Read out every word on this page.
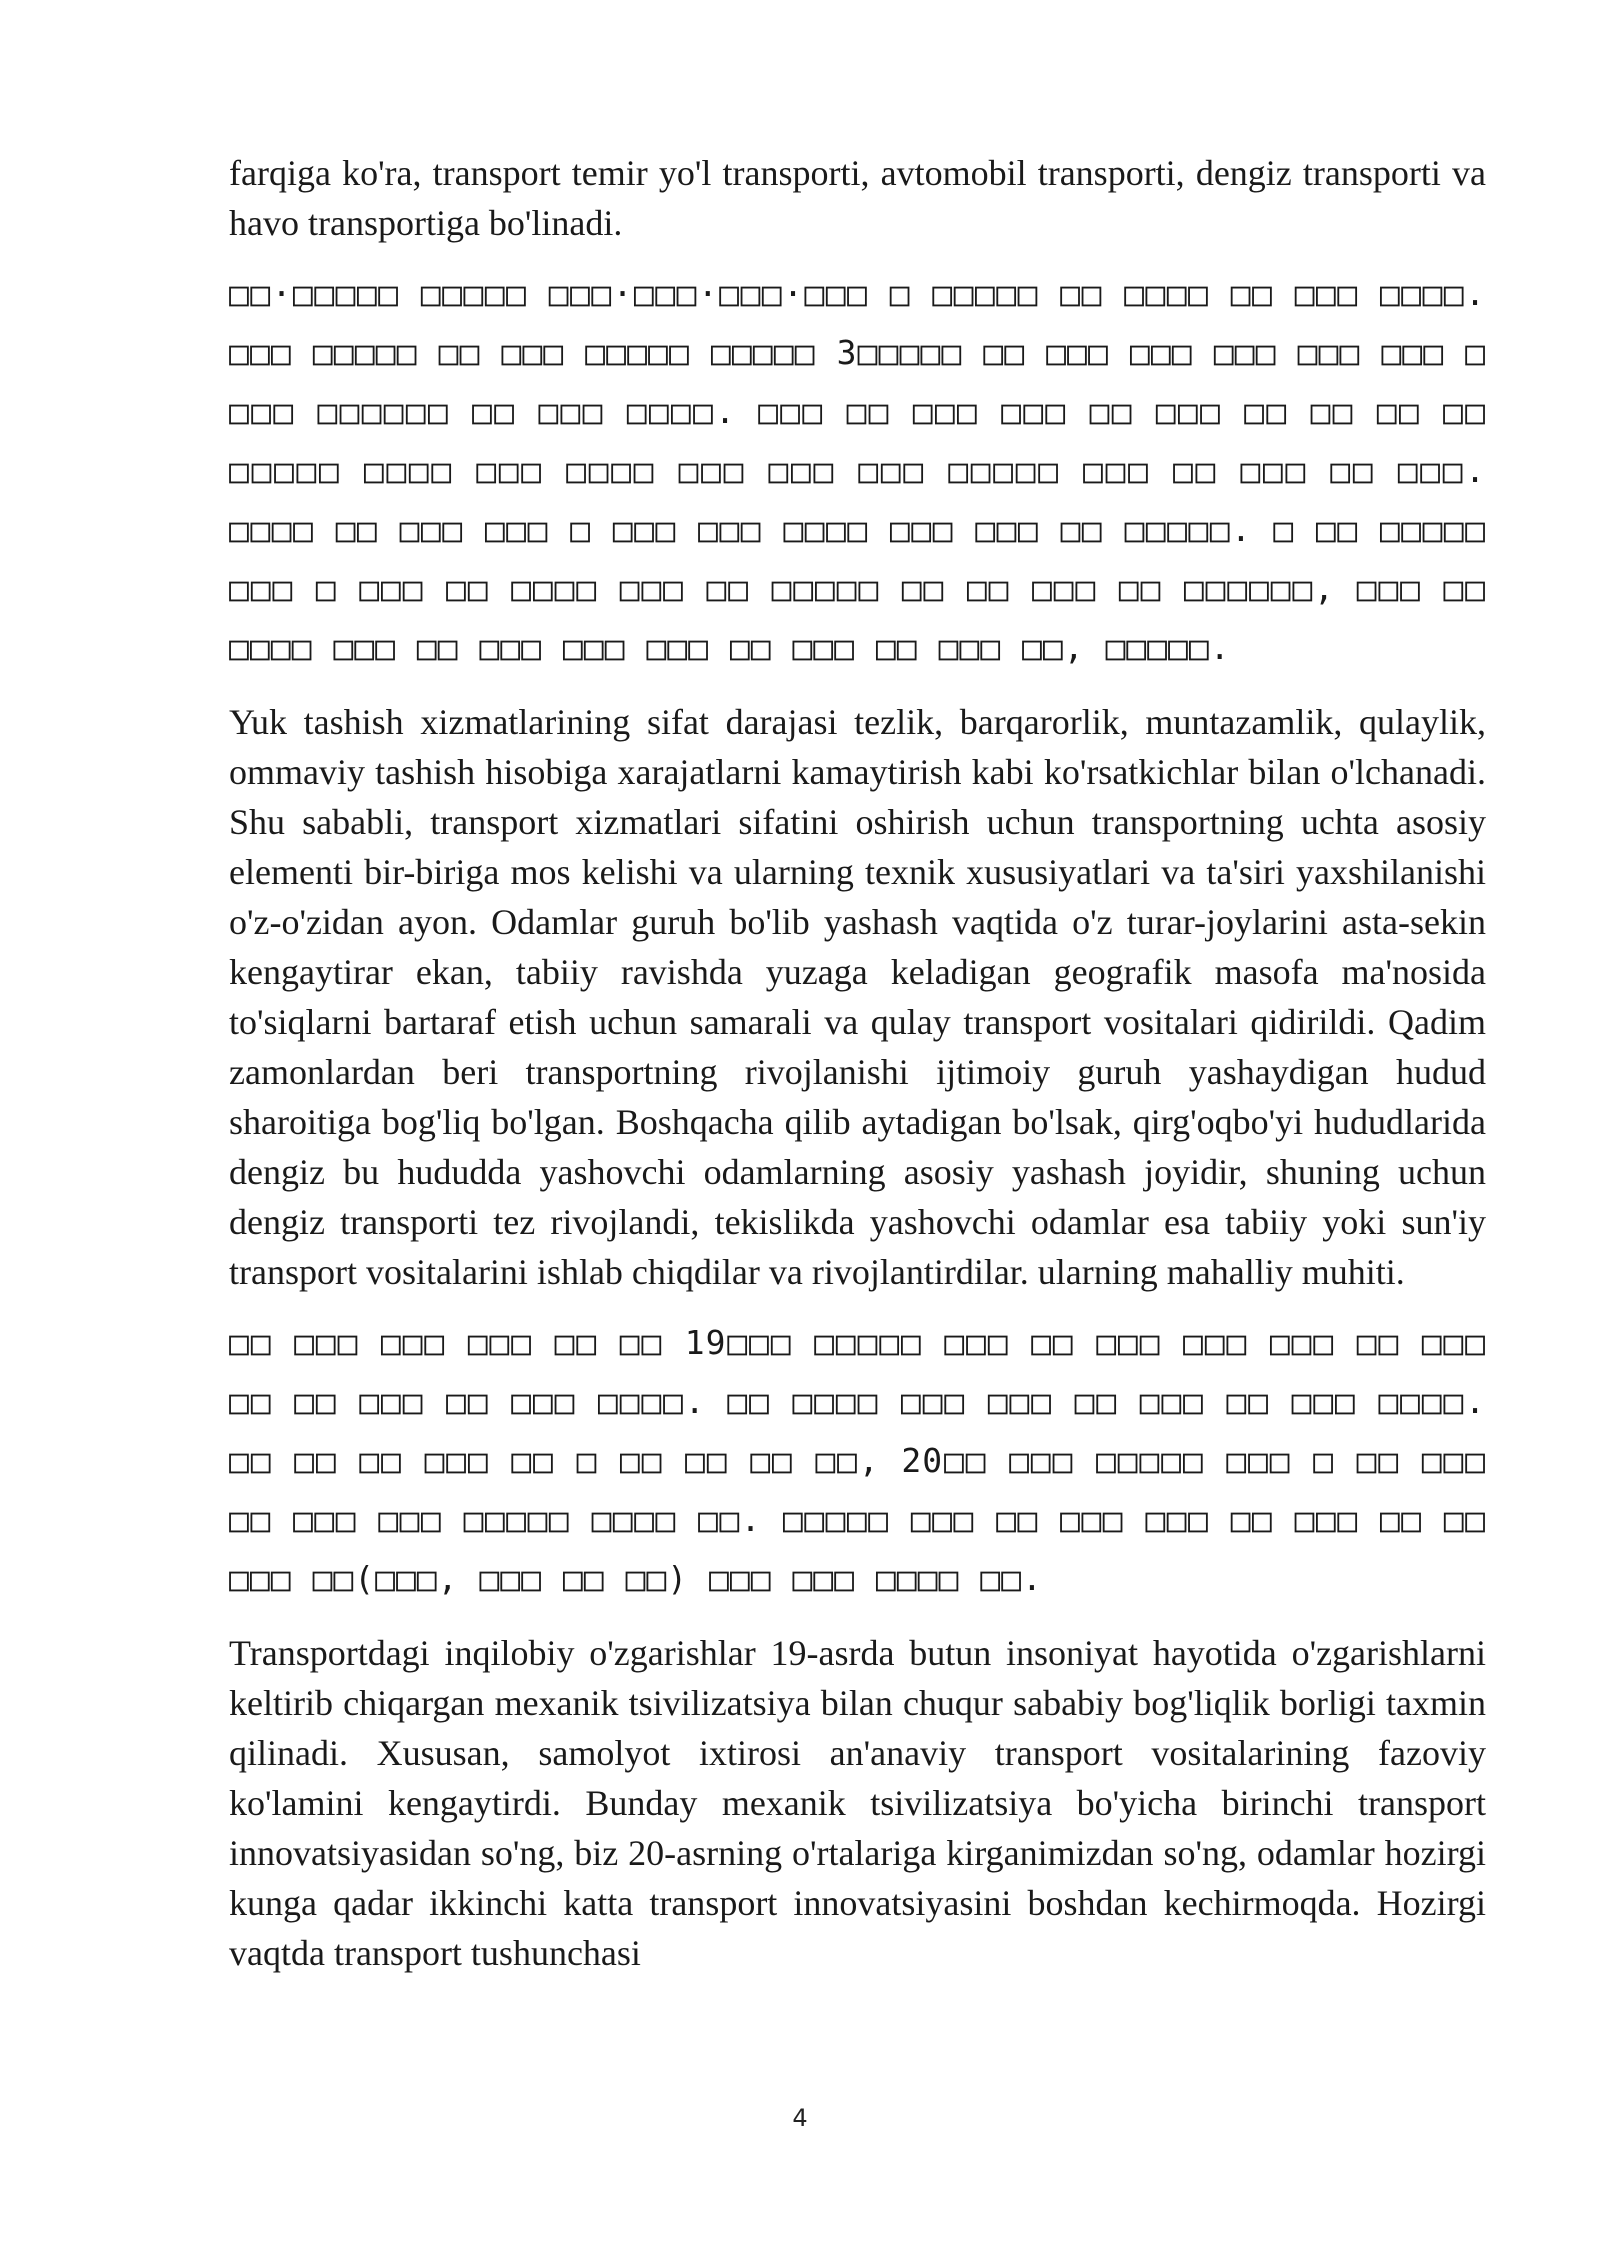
farqiga ko'ra, transport temir yo'l transporti, avtomobil transporti, dengiz transporti va havo transportiga bo'linadi.

□□·□□□□□ □□□□□ □□□·□□□·□□□·□□□ □ □□□□□ □□ □□□□ □□ □□□ □□□□. □□□ □□□□□ □□ □□□ □□□□□ □□□□□ 3□□□□□ □□ □□□ □□□ □□□ □□□ □□□ □ □□□ □□□□□□ □□ □□□ □□□□. □□□ □□ □□□ □□□ □□ □□□ □□ □□ □□ □□ □□□□□ □□□□ □□□ □□□□ □□□ □□□ □□□ □□□□□ □□□ □□ □□□ □□ □□□. □□□□ □□ □□□ □□□ □ □□□ □□□ □□□□ □□□ □□□ □□ □□□□□. □ □□ □□□□□ □□□ □ □□□ □□ □□□□ □□□ □□ □□□□□ □□ □□ □□□ □□ □□□□□□, □□□ □□ □□□□ □□□ □□ □□□ □□□ □□□ □□ □□□ □□ □□□ □□, □□□□□.

Yuk tashish xizmatlarining sifat darajasi tezlik, barqarorlik, muntazamlik, qulaylik, ommaviy tashish hisobiga xarajatlarni kamaytirish kabi ko'rsatkichlar bilan o'lchanadi. Shu sababli, transport xizmatlari sifatini oshirish uchun transportning uchta asosiy elementi bir-biriga mos kelishi va ularning texnik xususiyatlari va ta'siri yaxshilanishi o'z-o'zidan ayon. Odamlar guruh bo'lib yashash vaqtida o'z turar-joylarini asta-sekin kengaytirar ekan, tabiiy ravishda yuzaga keladigan geografik masofa ma'nosida to'siqlarni bartaraf etish uchun samarali va qulay transport vositalari qidirildi. Qadim zamonlardan beri transportning rivojlanishi ijtimoiy guruh yashaydigan hudud sharoitiga bog'liq bo'lgan. Boshqacha qilib aytadigan bo'lsak, qirg'oqbo'yi hududlarida dengiz bu hududda yashovchi odamlarning asosiy yashash joyidir, shuning uchun dengiz transporti tez rivojlandi, tekislikda yashovchi odamlar esa tabiiy yoki sun'iy transport vositalarini ishlab chiqdilar va rivojlantirdilar. ularning mahalliy muhiti.

□□ □□□ □□□ □□□ □□ □□ 19□□□ □□□□□ □□□ □□ □□□ □□□ □□□ □□ □□□ □□ □□ □□□ □□ □□□ □□□□. □□ □□□□ □□□ □□□ □□ □□□ □□ □□□ □□□□. □□ □□ □□ □□□ □□ □ □□ □□ □□ □□, 20□□ □□□ □□□□□ □□□ □ □□ □□□ □□ □□□ □□□ □□□□□ □□□□ □□. □□□□□ □□□ □□ □□□ □□□ □□ □□□ □□ □□ □□□ □□(□□□, □□□ □□ □□) □□□ □□□ □□□□ □□.

Transportdagi inqilobiy o'zgarishlar 19-asrda butun insoniyat hayotida o'zgarishlarni keltirib chiqargan mexanik tsivilizatsiya bilan chuqur sababiy bog'liqlik borligi taxmin qilinadi. Xususan, samolyot ixtirosi an'anaviy transport vositalarining fazoviy ko'lamini kengaytirdi. Bunday mexanik tsivilizatsiya bo'yicha birinchi transport innovatsiyasidan so'ng, biz 20-asrning o'rtalariga kirganimizdan so'ng, odamlar hozirgi kunga qadar ikkinchi katta transport innovatsiyasini boshdan kechirmoqda. Hozirgi vaqtda transport tushunchasi

4
